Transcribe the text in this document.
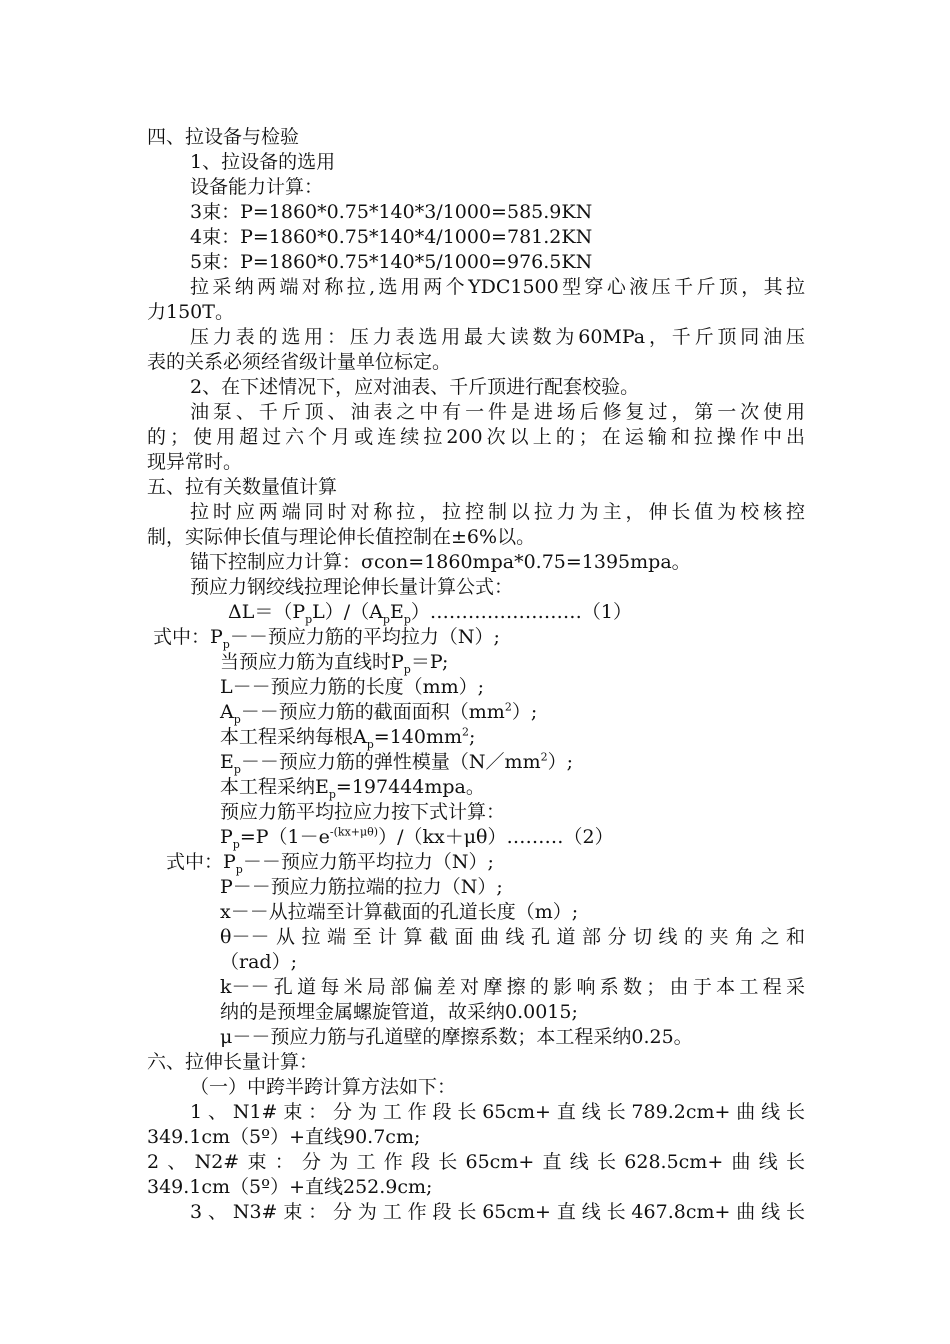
四、拉设备与检验
1、拉设备的选用
设备能力计算：
3束：P=1860*0.75*140*3/1000=585.9KN
4束：P=1860*0.75*140*4/1000=781.2KN
5束：P=1860*0.75*140*5/1000=976.5KN
拉采纳两端对称拉,选用两个YDC1500型穿心液压千斤顶，其拉
力150T。
压力表的选用：压力表选用最大读数为60MPa，千斤顶同油压
表的关系必须经省级计量单位标定。
2、在下述情况下，应对油表、千斤顶进行配套校验。
油泵、千斤顶、油表之中有一件是进场后修复过，第一次使用
的；使用超过六个月或连续拉200次以上的；在运输和拉操作中出
现异常时。
五、拉有关数量值计算
拉时应两端同时对称拉，拉控制以拉力为主，伸长值为校核控
制，实际伸长值与理论伸长值控制在±6%以。
锚下控制应力计算：σcon=1860mpa*0.75=1395mpa。
预应力钢绞线拉理论伸长量计算公式：
$\Delta L=(P_pL)/(A_pE_p)\dots\dots\dots\dots\dots\dots\dots\dots(1)$
式中：$P_p--$预应力筋的平均拉力（N）;
当预应力筋为直线时$P_p=P$;
L－－预应力筋的长度（mm）;
$A_p--$预应力筋的截面面积$(mm^2)$;
本工程采纳每根$A_p=140mm^2$;
$E_p--$预应力筋的弹性模量$(N/mm^2)$;
本工程采纳$E_p=197444mpa$。
预应力筋平均拉应力按下式计算：
$P_p=P(1-e^{-(kx+\mu\theta)})/(kx+\mu\theta)\dots\dots\dots(2)$
式中：$P_p--$预应力筋平均拉力（N）;
P－－预应力筋拉端的拉力（N）;
x－－从拉端至计算截面的孔道长度（m）;
θ－－从拉端至计算截面曲线孔道部分切线的夹角之和
（rad）;
k－－孔道每米局部偏差对摩擦的影响系数；由于本工程采
纳的是预埋金属螺旋管道，故采纳0.0015;
μ－－预应力筋与孔道壁的摩擦系数；本工程采纳0.25。
六、拉伸长量计算：
（一）中跨半跨计算方法如下：
1、N1#束：分为工作段长65cm+直线长789.2cm+曲线长
349.1cm（5º）+直线90.7cm;
2、N2#束：分为工作段长65cm+直线长628.5cm+曲线长
349.1cm（5º）+直线252.9cm;
3、N3#束：分为工作段长65cm+直线长467.8cm+曲线长
